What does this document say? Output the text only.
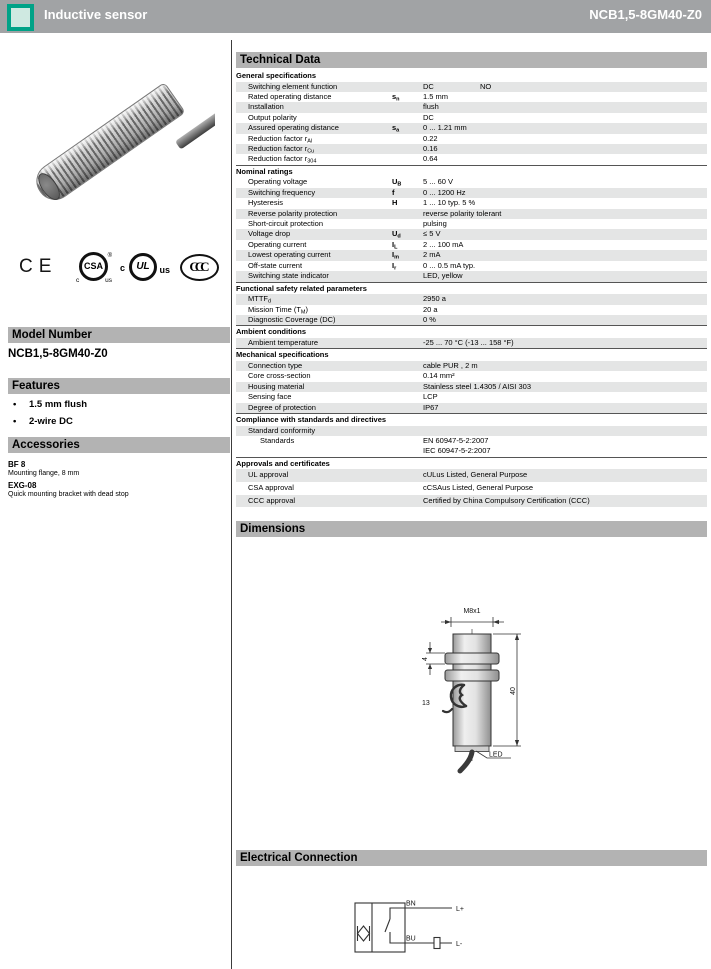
Inductive sensor	NCB1,5-8GM40-Z0
CE	CSA
®
c	us
c	UL	us	CCC
Model Number
NCB1,5-8GM40-Z0
Features
•	1.5 mm flush
•	2-wire DC
Accessories
BF 8
Mounting flange, 8 mm
EXG-08
Quick mounting bracket with dead stop
Technical Data
General specifications
Switching element function	DC	NO
Rated operating distance	$s_n$	1.5 mm
Installation	flush
Output polarity	DC
Assured operating distance	$s_a$	0 ... 1.21 mm
Reduction factor $r_{Al}$	0.22
Reduction factor $r_{Cu}$	0.16
Reduction factor $r_{304}$	0.64
Nominal ratings
Operating voltage	$U_B$	5 ... 60 V
Switching frequency	f	0 ... 1200 Hz
Hysteresis	H	1 ... 10 typ. 5 %
Reverse polarity protection	reverse polarity tolerant
Short-circuit protection	pulsing
Voltage drop	$U_d$	≤ 5 V
Operating current	$I_L$	2 ... 100 mA
Lowest operating current	$I_m$	2 mA
Off-state current	$I_r$	0 ... 0.5 mA typ.
Switching state indicator	LED, yellow
Functional safety related parameters
$MTTF_d$	2950 a
Mission Time $(T_M)$	20 a
Diagnostic Coverage (DC)	0 %
Ambient conditions
Ambient temperature	-25 ... 70 °C (-13 ... 158 °F)
Mechanical specifications
Connection type	cable PUR , 2 m
Core cross-section	0.14 mm²
Housing material	Stainless steel 1.4305 / AISI 303
Sensing face	LCP
Degree of protection	IP67
Compliance with standards and directives
Standard conformity
Standards	EN 60947-5-2:2007
IEC 60947-5-2:2007
Approvals and certificates
UL approval	cULus Listed, General Purpose
CSA approval	cCSAus Listed, General Purpose
CCC approval	Certified by China Compulsory Certification (CCC)
Dimensions
M8x1
4
13
40
LED
Electrical Connection
BN
BU
L+
L-
